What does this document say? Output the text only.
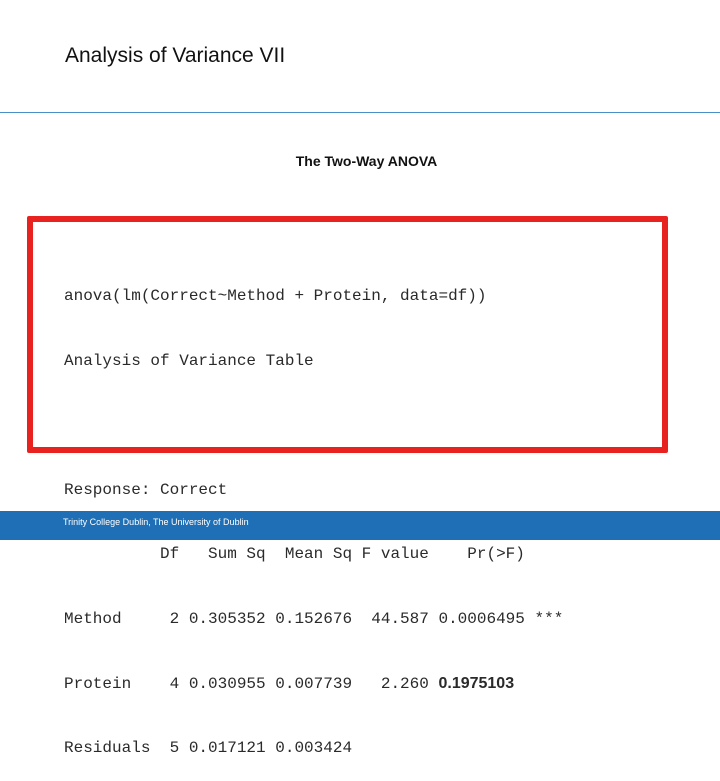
Analysis of Variance VII
The Two-Way ANOVA

anova(lm(Correct~Method + Protein, data=df))

Analysis of Variance Table

Response: Correct

Df   Sum Sq  Mean Sq F value    Pr(>F)

Method     2 0.305352 0.152676  44.587 0.0006495 ***

Protein    4 0.030955 0.007739   2.260 0.1975103

Residuals  5 0.017121 0.003424

Trinity College Dublin, The University of Dublin
